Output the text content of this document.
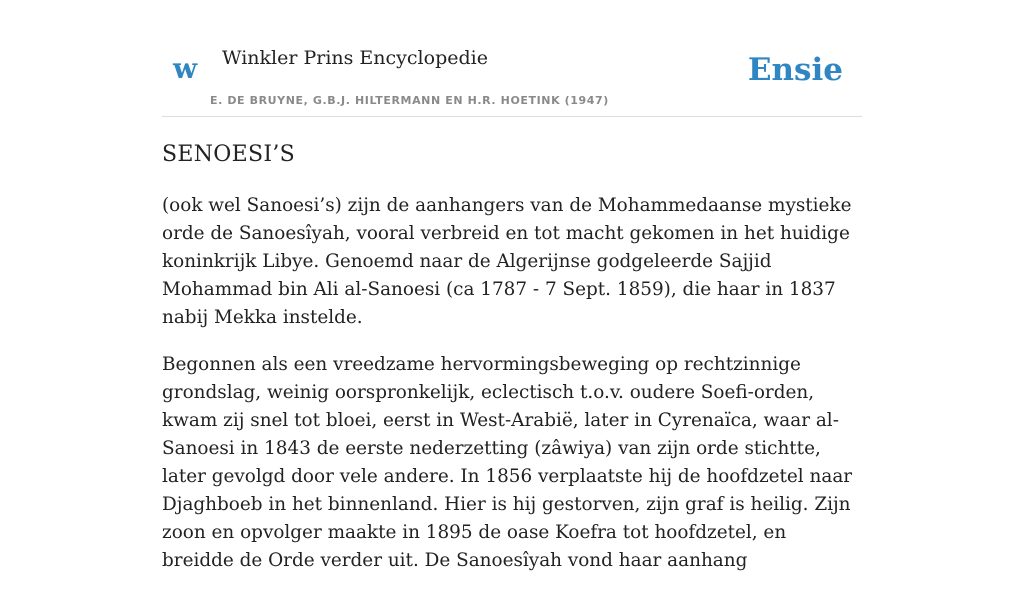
w Winkler Prins Encyclopedie
E. DE BRUYNE, G.B.J. HILTERMANN EN H.R. HOETINK (1947)
Ensie
SENOESI’S

(ook wel Sanoesi’s) zijn de aanhangers van de Mohammedaanse mystieke orde de Sanoesîyah, vooral verbreid en tot macht gekomen in het huidige koninkrijk Libye. Genoemd naar de Algerijnse godgeleerde Sajjid Mohammad bin Ali al-Sanoesi (ca 1787 - 7 Sept. 1859), die haar in 1837 nabij Mekka instelde.

Begonnen als een vreedzame hervormingsbeweging op rechtzinnige grondslag, weinig oorspronkelijk, eclectisch t.o.v. oudere Soefi-orden, kwam zij snel tot bloei, eerst in West-Arabië, later in Cyrenaïca, waar al-Sanoesi in 1843 de eerste nederzetting (zâwiya) van zijn orde stichtte, later gevolgd door vele andere. In 1856 verplaatste hij de hoofdzetel naar Djaghboeb in het binnenland. Hier is hij gestorven, zijn graf is heilig. Zijn zoon en opvolger maakte in 1895 de oase Koefra tot hoofdzetel, en breidde de Orde verder uit. De Sanoesîyah vond haar aanhang
